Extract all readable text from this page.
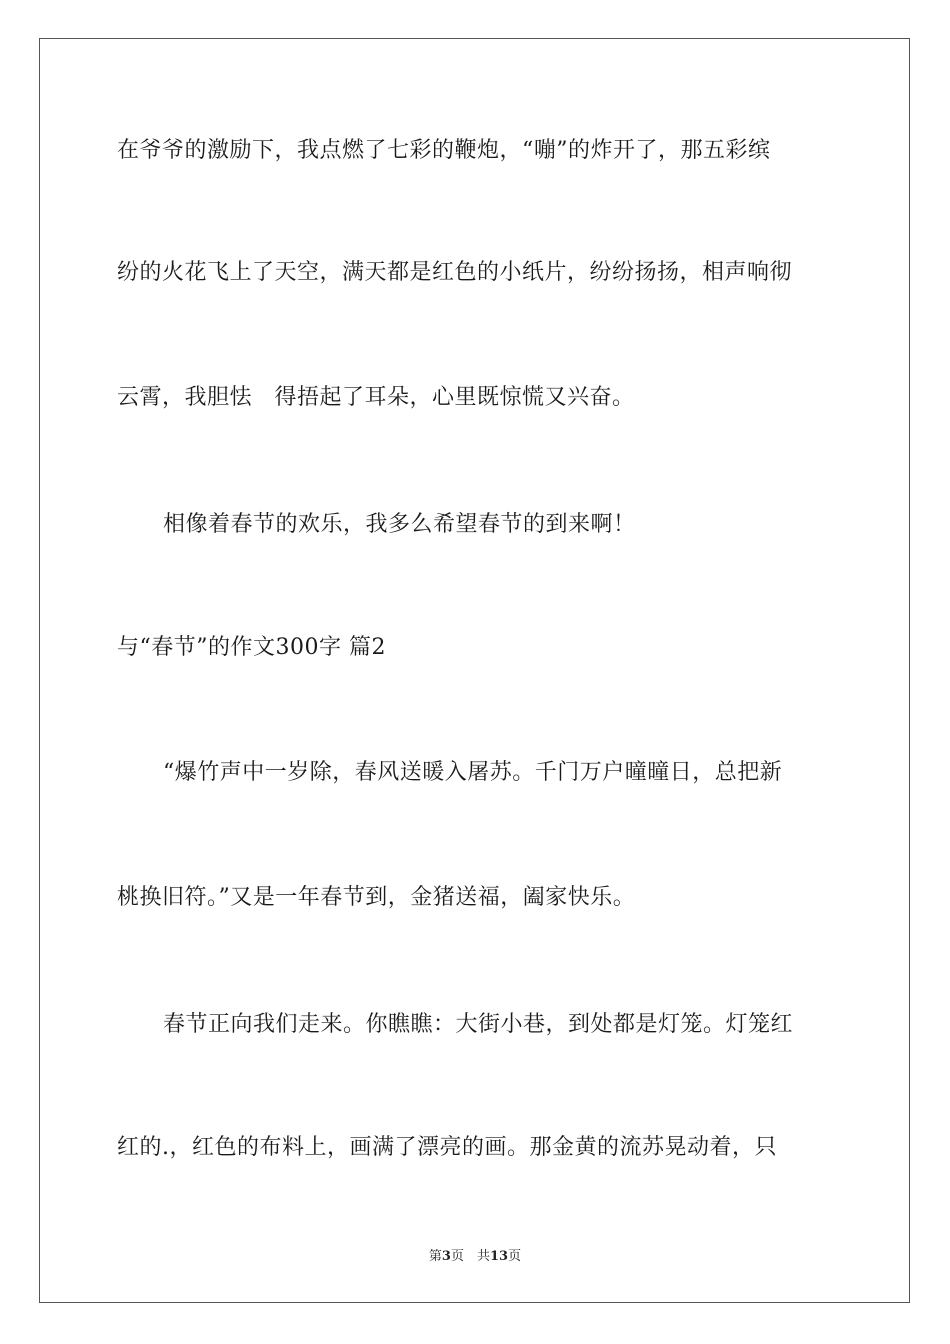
在爷爷的激励下，我点燃了七彩的鞭炮，“嘣”的炸开了，那五彩缤
纷的火花飞上了天空，满天都是红色的小纸片，纷纷扬扬，相声响彻
云霄，我胆怯　得捂起了耳朵，心里既惊慌又兴奋。
相像着春节的欢乐，我多么希望春节的到来啊！
与“春节”的作文300字 篇2
“爆竹声中一岁除，春风送暖入屠苏。千门万户曈曈日，总把新
桃换旧符。”又是一年春节到，金猪送福，阖家快乐。
春节正向我们走来。你瞧瞧：大街小巷，到处都是灯笼。灯笼红
红的.，红色的布料上，画满了漂亮的画。那金黄的流苏晃动着，只
第3页　共13页
